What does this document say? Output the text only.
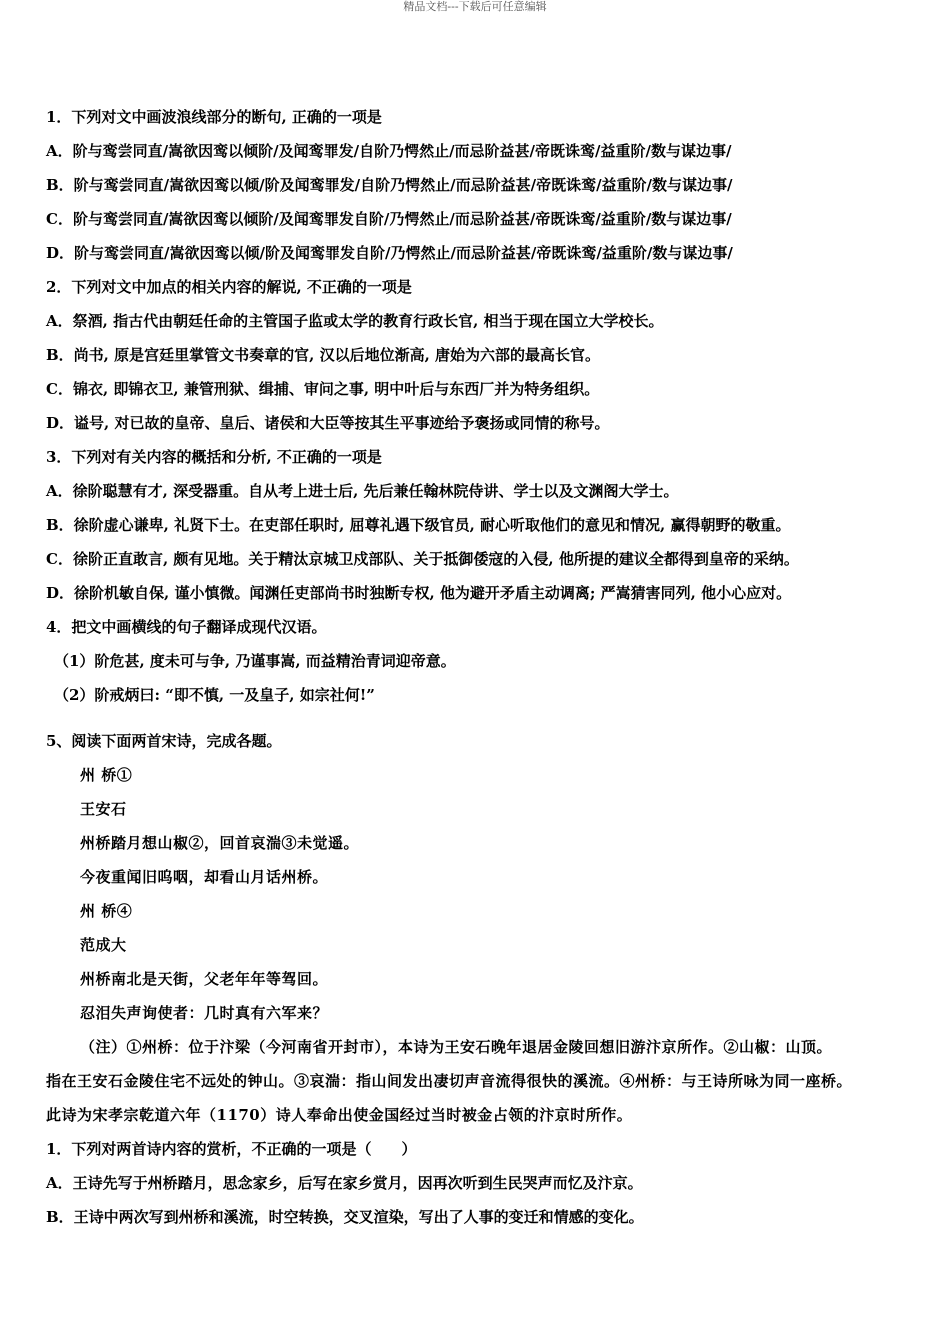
精品文档---下载后可任意编辑
1．下列对文中画波浪线部分的断句, 正确的一项是
A．阶与鸾尝同直/嵩欲因鸾以倾阶/及闻鸾罪发/自阶乃愕然止/而忌阶益甚/帝既诛鸾/益重阶/数与谋边事/
B．阶与鸾尝同直/嵩欲因鸾以倾/阶及闻鸾罪发/自阶乃愕然止/而忌阶益甚/帝既诛鸾/益重阶/数与谋边事/
C．阶与鸾尝同直/嵩欲因鸾以倾阶/及闻鸾罪发自阶/乃愕然止/而忌阶益甚/帝既诛鸾/益重阶/数与谋边事/
D．阶与鸾尝同直/嵩欲因鸾以倾/阶及闻鸾罪发自阶/乃愕然止/而忌阶益甚/帝既诛鸾/益重阶/数与谋边事/
2．下列对文中加点的相关内容的解说, 不正确的一项是
A．祭酒, 指古代由朝廷任命的主管国子监或太学的教育行政长官, 相当于现在国立大学校长。
B．尚书, 原是宫廷里掌管文书奏章的官, 汉以后地位渐高, 唐始为六部的最高长官。
C．锦衣, 即锦衣卫, 兼管刑狱、缉捕、审问之事, 明中叶后与东西厂并为特务组织。
D．谥号, 对已故的皇帝、皇后、诸侯和大臣等按其生平事迹给予褒扬或同情的称号。
3．下列对有关内容的概括和分析, 不正确的一项是
A．徐阶聪慧有才, 深受器重。自从考上进士后, 先后兼任翰林院侍讲、学士以及文渊阁大学士。
B．徐阶虚心谦卑, 礼贤下士。在吏部任职时, 屈尊礼遇下级官员, 耐心听取他们的意见和情况, 赢得朝野的敬重。
C．徐阶正直敢言, 颇有见地。关于精汰京城卫戍部队、关于抵御倭寇的入侵, 他所提的建议全都得到皇帝的采纳。
D．徐阶机敏自保, 谨小慎微。闻渊任吏部尚书时独断专权, 他为避开矛盾主动调离; 严嵩猜害同列, 他小心应对。
4．把文中画横线的句子翻译成现代汉语。
（1）阶危甚, 度未可与争, 乃谨事嵩, 而益精治青词迎帝意。
（2）阶戒炳曰: “即不慎, 一及皇子, 如宗社何!”
5、阅读下面两首宋诗，完成各题。
州 桥①
王安石
州桥踏月想山椒②，回首哀湍③未觉遥。
今夜重闻旧呜咽，却看山月话州桥。
州 桥④
范成大
州桥南北是天街，父老年年等驾回。
忍泪失声询使者：几时真有六军来？
（注）①州桥：位于汴梁（今河南省开封市），本诗为王安石晚年退居金陵回想旧游汴京所作。②山椒：山顶。
指在王安石金陵住宅不远处的钟山。③哀湍：指山间发出凄切声音流得很快的溪流。④州桥：与王诗所咏为同一座桥。
此诗为宋孝宗乾道六年（1170）诗人奉命出使金国经过当时被金占领的汴京时所作。
1．下列对两首诗内容的赏析，不正确的一项是（　　）
A．王诗先写于州桥踏月，思念家乡，后写在家乡赏月，因再次听到生民哭声而忆及汴京。
B．王诗中两次写到州桥和溪流，时空转换，交叉渲染，写出了人事的变迁和情感的变化。
